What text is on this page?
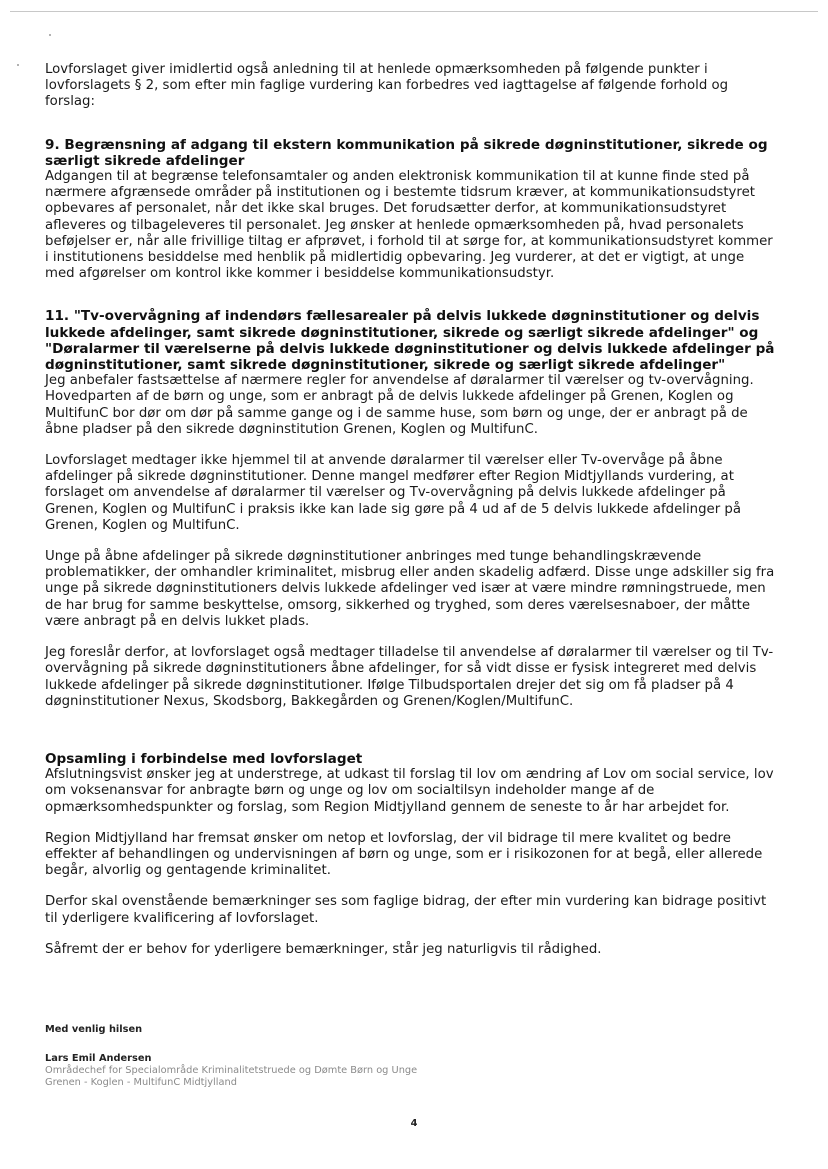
Lovforslaget giver imidlertid også anledning til at henlede opmærksomheden på følgende punkter i lovforslagets § 2, som efter min faglige vurdering kan forbedres ved iagttagelse af følgende forhold og forslag:

9. Begrænsning af adgang til ekstern kommunikation på sikrede døgninstitutioner, sikrede og særligt sikrede afdelinger

Adgangen til at begrænse telefonsamtaler og anden elektronisk kommunikation til at kunne finde sted på nærmere afgrænsede områder på institutionen og i bestemte tidsrum kræver, at kommunikationsudstyret opbevares af personalet, når det ikke skal bruges. Det forudsætter derfor, at kommunikationsudstyret afleveres og tilbageleveres til personalet. Jeg ønsker at henlede opmærksomheden på, hvad personalets beføjelser er, når alle frivillige tiltag er afprøvet, i forhold til at sørge for, at kommunikationsudstyret kommer i institutionens besiddelse med henblik på midlertidig opbevaring. Jeg vurderer, at det er vigtigt, at unge med afgørelser om kontrol ikke kommer i besiddelse kommunikationsudstyr.

11. "Tv-overvågning af indendørs fællesarealer på delvis lukkede døgninstitutioner og delvis lukkede afdelinger, samt sikrede døgninstitutioner, sikrede og særligt sikrede afdelinger" og "Døralarmer til værelserne på delvis lukkede døgninstitutioner og delvis lukkede afdelinger på døgninstitutioner, samt sikrede døgninstitutioner, sikrede og særligt sikrede afdelinger"

Jeg anbefaler fastsættelse af nærmere regler for anvendelse af døralarmer til værelser og tv-overvågning. Hovedparten af de børn og unge, som er anbragt på de delvis lukkede afdelinger på Grenen, Koglen og MultifunC bor dør om dør på samme gange og i de samme huse, som børn og unge, der er anbragt på de åbne pladser på den sikrede døgninstitution Grenen, Koglen og MultifunC.

Lovforslaget medtager ikke hjemmel til at anvende døralarmer til værelser eller Tv-overvåge på åbne afdelinger på sikrede døgninstitutioner. Denne mangel medfører efter Region Midtjyllands vurdering, at forslaget om anvendelse af døralarmer til værelser og Tv-overvågning på delvis lukkede afdelinger på Grenen, Koglen og MultifunC i praksis ikke kan lade sig gøre på 4 ud af de 5 delvis lukkede afdelinger på Grenen, Koglen og MultifunC.

Unge på åbne afdelinger på sikrede døgninstitutioner anbringes med tunge behandlingskrævende problematikker, der omhandler kriminalitet, misbrug eller anden skadelig adfærd. Disse unge adskiller sig fra unge på sikrede døgninstitutioners delvis lukkede afdelinger ved især at være mindre rømningstruede, men de har brug for samme beskyttelse, omsorg, sikkerhed og tryghed, som deres værelsesnaboer, der måtte være anbragt på en delvis lukket plads.

Jeg foreslår derfor, at lovforslaget også medtager tilladelse til anvendelse af døralarmer til værelser og til Tv-overvågning på sikrede døgninstitutioners åbne afdelinger, for så vidt disse er fysisk integreret med delvis lukkede afdelinger på sikrede døgninstitutioner. Ifølge Tilbudsportalen drejer det sig om få pladser på 4 døgninstitutioner Nexus, Skodsborg, Bakkegården og Grenen/Koglen/MultifunC.

Opsamling i forbindelse med lovforslaget

Afslutningsvist ønsker jeg at understrege, at udkast til forslag til lov om ændring af Lov om social service, lov om voksenansvar for anbragte børn og unge og lov om socialtilsyn indeholder mange af de opmærksomhedspunkter og forslag, som Region Midtjylland gennem de seneste to år har arbejdet for.

Region Midtjylland har fremsat ønsker om netop et lovforslag, der vil bidrage til mere kvalitet og bedre effekter af behandlingen og undervisningen af børn og unge, som er i risikozonen for at begå, eller allerede begår, alvorlig og gentagende kriminalitet.

Derfor skal ovenstående bemærkninger ses som faglige bidrag, der efter min vurdering kan bidrage positivt til yderligere kvalificering af lovforslaget.

Såfremt der er behov for yderligere bemærkninger, står jeg naturligvis til rådighed.

Med venlig hilsen

Lars Emil Andersen

Områdechef for Specialområde Kriminalitetstruede og Dømte Børn og Unge

Grenen - Koglen - MultifunC Midtjylland

4
